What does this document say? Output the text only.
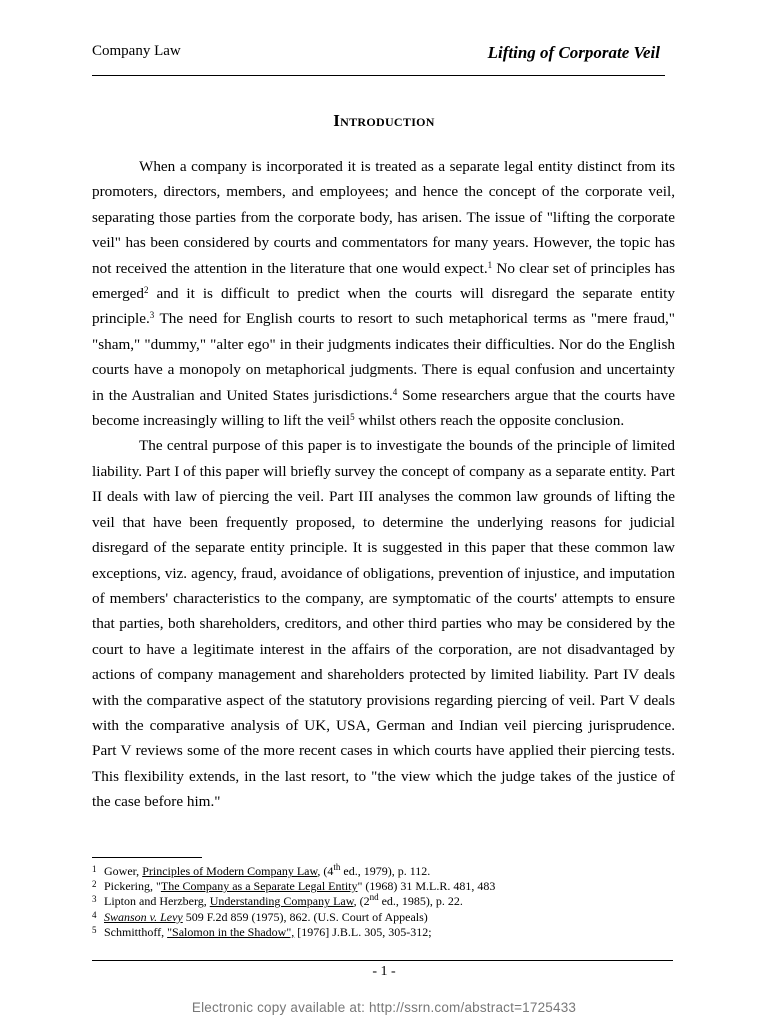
Company Law	Lifting of Corporate Veil
Introduction

When a company is incorporated it is treated as a separate legal entity distinct from its promoters, directors, members, and employees; and hence the concept of the corporate veil, separating those parties from the corporate body, has arisen. The issue of "lifting the corporate veil" has been considered by courts and commentators for many years. However, the topic has not received the attention in the literature that one would expect.$^1$ No clear set of principles has emerged$^2$ and it is difficult to predict when the courts will disregard the separate entity principle.$^3$ The need for English courts to resort to such metaphorical terms as "mere fraud," "sham," "dummy," "alter ego" in their judgments indicates their difficulties. Nor do the English courts have a monopoly on metaphorical judgments. There is equal confusion and uncertainty in the Australian and United States jurisdictions.$^4$ Some researchers argue that the courts have become increasingly willing to lift the veil$^5$ whilst others reach the opposite conclusion.

The central purpose of this paper is to investigate the bounds of the principle of limited liability. Part I of this paper will briefly survey the concept of company as a separate entity. Part II deals with law of piercing the veil. Part III analyses the common law grounds of lifting the veil that have been frequently proposed, to determine the underlying reasons for judicial disregard of the separate entity principle. It is suggested in this paper that these common law exceptions, viz. agency, fraud, avoidance of obligations, prevention of injustice, and imputation of members' characteristics to the company, are symptomatic of the courts' attempts to ensure that parties, both shareholders, creditors, and other third parties who may be considered by the court to have a legitimate interest in the affairs of the corporation, are not disadvantaged by actions of company management and shareholders protected by limited liability. Part IV deals with the comparative aspect of the statutory provisions regarding piercing of veil. Part V deals with the comparative analysis of UK, USA, German and Indian veil piercing jurisprudence. Part V reviews some of the more recent cases in which courts have applied their piercing tests. This flexibility extends, in the last resort, to "the view which the judge takes of the justice of the case before him."

1 Gower, Principles of Modern Company Law, (4th ed., 1979), p. 112.
2 Pickering, "The Company as a Separate Legal Entity" (1968) 31 M.L.R. 481, 483
3 Lipton and Herzberg, Understanding Company Law, (2nd ed., 1985), p. 22.
4 Swanson v. Levy 509 F.2d 859 (1975), 862. (U.S. Court of Appeals)
5 Schmitthoff, "Salomon in the Shadow", [1976] J.B.L. 305, 305-312;
- 1 -
Electronic copy available at: http://ssrn.com/abstract=1725433
